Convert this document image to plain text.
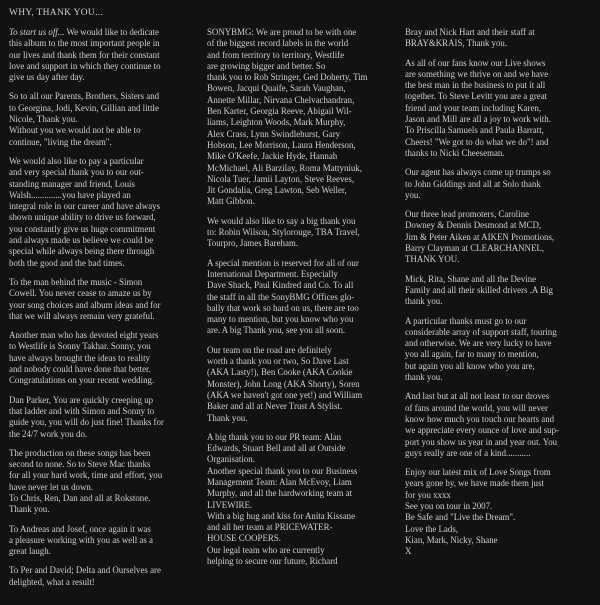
WHY, THANK YOU...

To start us off... We would like to dedicate
this album to the most important people in
our lives and thank them for their constant
love and support in which they continue to
give us day after day.

So to all our Parents, Brothers, Sisters and
to Georgina, Jodi, Kevin, Gillian and little
Nicole, Thank you.
Without you we would not be able to
continue, "living the dream".

We would also like to pay a particular
and very special thank you to our out-
standing manager and friend, Louis
Walsh..............you have played an
integral role in our career and have always
shown unique ability to drive us forward,
you constantly give us huge commitment
and always made us believe we could be
special while always being there through
both the good and the bad times.

To the man behind the music - Simon
Cowell. You never cease to amaze us by
your song choices and album ideas and for
that we will always remain very grateful.

Another man who has devoted eight years
to Westlife is Sonny Takhar. Sonny, you
have always brought the ideas to reality
and nobody could have done that better.
Congratulations on your recent wedding.

Dan Parker, You are quickly creeping up
that ladder and with Simon and Sonny to
guide you, you will do just fine! Thanks for
the 24/7 work you do.

The production on these songs has been
second to none. So to Steve Mac thanks
for all your hard work, time and effort, you
have never let us down.
To Chris, Ren, Dan and all at Rokstone.
Thank you.

To Andreas and Josef, once again it was
a pleasure working with you as well as a
great laugh.

To Per and David; Delta and Ourselves are
delighted, what a result!

SONYBMG: We are proud to be with one
of the biggest record labels in the world
and from territory to territory, Westlife
are growing bigger and better. So
thank you to Rob Stringer, Ged Doherty, Tim
Bowen, Jacqui Quaife, Sarah Vaughan,
Annette Millar, Nirvana Chelvachandran,
Ben Karter, Georgia Reeve, Abigail Wil-
liams, Leighton Woods, Mark Murphy,
Alex Crass, Lynn Swindlehurst, Gary
Hobson, Lee Morrison, Laura Henderson,
Mike O'Keefe, Jackie Hyde, Hannah
McMichael, Ali Barzilay, Roma Mattyniuk,
Nicola Tuer, Jamii Layton, Steve Reeves,
Jit Gondalia, Greg Lawton, Seb Weller,
Matt Gibbon.

We would also like to say a big thank you
to: Robin Wilson, Stylorouge, TBA Travel,
Tourpro, James Bareham.

A special mention is reserved for all of our
International Department. Especially
Dave Shack, Paul Kindred and Co. To all
the staff in all the SonyBMG Offices glo-
bally that work so hard on us, there are too
many to mention, but you know who you
are. A big Thank you, see you all soon.

Our team on the road are definitely
worth a thank you or two, So Dave Last
(AKA Lasty!), Ben Cooke (AKA Cookie
Monster), John Long (AKA Shorty), Soren
(AKA we haven't got one yet!) and William
Baker and all at Never Trust A Stylist.
Thank you.

A big thank you to our PR team: Alan
Edwards, Stuart Bell and all at Outside
Organisation.
Another special thank you to our Business
Management Team: Alan McEvoy, Liam
Murphy, and all the hardworking team at
LIVEWIRE.
With a big hug and kiss for Anita Kissane
and all her team at PRICEWATER-
HOUSE COOPERS.
Our legal team who are currently
helping to secure our future, Richard

Bray and Nick Hart and their staff at
BRAY&KRAIS, Thank you.

As all of our fans know our Live shows
are something we thrive on and we have
the best man in the business to put it all
together. To Steve Levitt you are a great
friend and your team including Karen,
Jason and Mill are all a joy to work with.
To Priscilla Samuels and Paula Barratt,
Cheers! "We got to do what we do"! and
thanks to Nicki Cheeseman.

Our agent has always come up trumps so
to John Giddings and all at Solo thank
you.

Our three lead promoters, Caroline
Downey & Dennis Desmond at MCD,
Jim & Peter Aiken at AIKEN Promotions,
Barry Clayman at CLEARCHANNEL,
THANK YOU.

Mick, Rita, Shane and all the Devine
Family and all their skilled drivers .A Big
thank you.

A particular thanks must go to our
considerable array of support staff, touring
and otherwise. We are very lucky to have
you all again, far to many to mention,
but again you all know who you are,
thank you.

And last but at all not least to our droves
of fans around the world, you will never
know how much you touch our hearts and
we appreciate every ounce of love and sup-
port you show us year in and year out. You
guys really are one of a kind...........

Enjoy our latest mix of Love Songs from
years gone by, we have made them just
for you xxxx
See you on tour in 2007.
Be Safe and "Live the Dream".
Love the Lads,
Kian, Mark, Nicky, Shane
X
